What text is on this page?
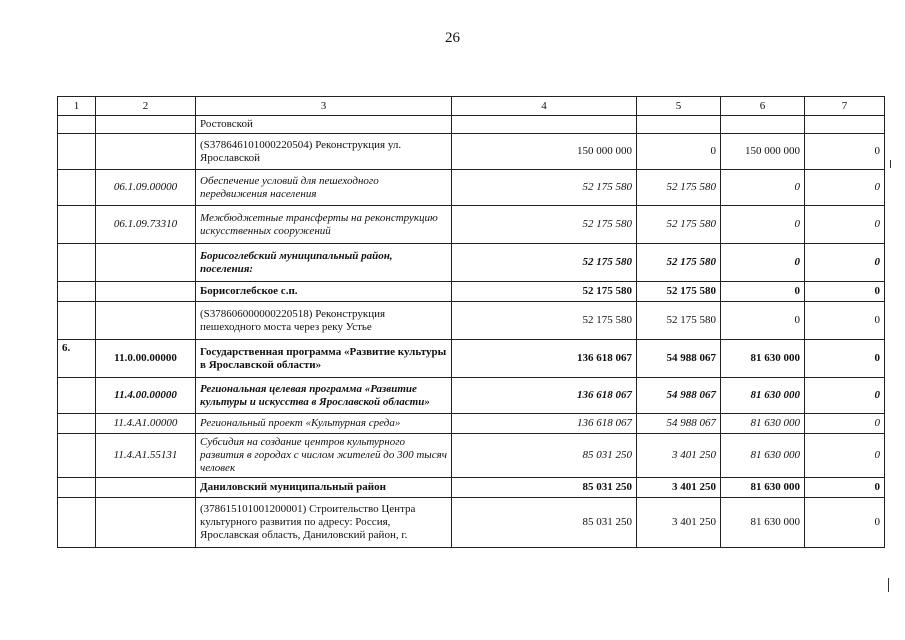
26
1	2	3	4	5	6	7
		Ростовской				
		(S378646101000220504) Реконструкция ул. Ярославской	150 000 000	0	150 000 000	0
	06.1.09.00000	Обеспечение условий для пешеходного передвижения населения	52 175 580	52 175 580	0	0
	06.1.09.73310	Межбюджетные трансферты на реконструкцию искусственных сооружений	52 175 580	52 175 580	0	0
		Борисоглебский муниципальный район, поселения:	52 175 580	52 175 580	0	0
		Борисоглебское с.п.	52 175 580	52 175 580	0	0
		(S378606000000220518) Реконструкция пешеходного моста через реку Устье	52 175 580	52 175 580	0	0
6.	11.0.00.00000	Государственная программа «Развитие культуры в Ярославской области»	136 618 067	54 988 067	81 630 000	0
	11.4.00.00000	Региональная целевая программа «Развитие культуры и искусства в Ярославской области»	136 618 067	54 988 067	81 630 000	0
	11.4.A1.00000	Региональный проект «Культурная среда»	136 618 067	54 988 067	81 630 000	0
	11.4.A1.55131	Субсидия на создание центров культурного развития в городах с числом жителей до 300 тысяч человек	85 031 250	3 401 250	81 630 000	0
		Даниловский муниципальный район	85 031 250	3 401 250	81 630 000	0
		(378615101001200001) Строительство Центра культурного развития по адресу: Россия, Ярославская область, Даниловский район, г.	85 031 250	3 401 250	81 630 000	0
